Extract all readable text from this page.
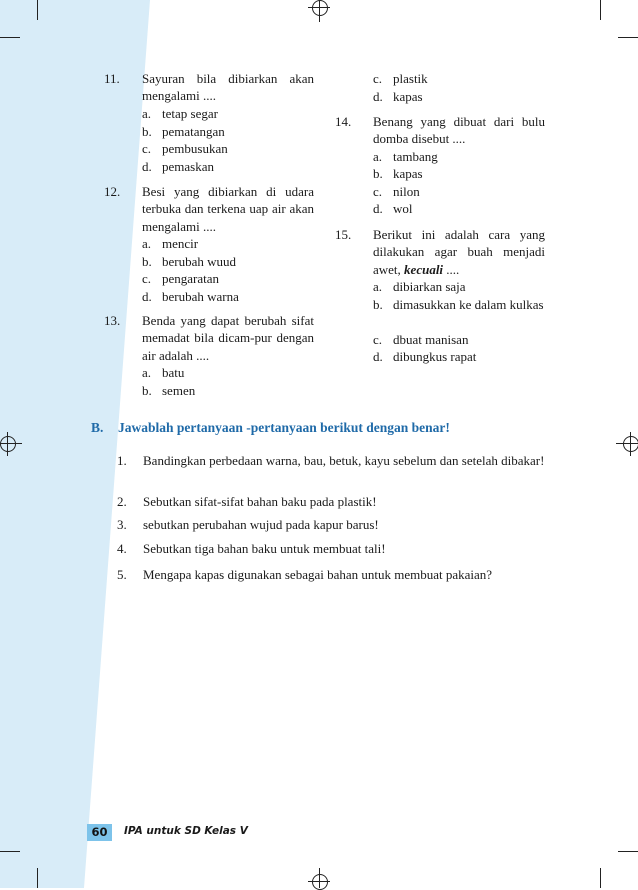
11. Sayuran bila dibiarkan akan mengalami ....
a. tetap segar
b. pematangan
c. pembusukan
d. pemaskan
12. Besi yang dibiarkan di udara terbuka dan terkena uap air akan mengalami ....
a. mencir
b. berubah wuud
c. pengaratan
d. berubah warna
13. Benda yang dapat berubah sifat memadat bila dicam-pur dengan air adalah ....
a. batu
b. semen
c. plastik
d. kapas
14. Benang yang dibuat dari bulu domba disebut ....
a. tambang
b. kapas
c. nilon
d. wol
15. Berikut ini adalah cara yang dilakukan agar buah menjadi awet, kecuali ....
a. dibiarkan saja
b. dimasukkan ke dalam kulkas
c. dbuat manisan
d. dibungkus rapat
B. Jawablah pertanyaan -pertanyaan berikut dengan benar!
1. Bandingkan perbedaan warna, bau, betuk, kayu sebelum dan setelah dibakar!
2. Sebutkan sifat-sifat bahan baku pada plastik!
3. sebutkan perubahan wujud pada kapur barus!
4. Sebutkan tiga bahan baku untuk membuat tali!
5. Mengapa kapas digunakan sebagai bahan untuk membuat pakaian?
60	IPA untuk SD Kelas V
